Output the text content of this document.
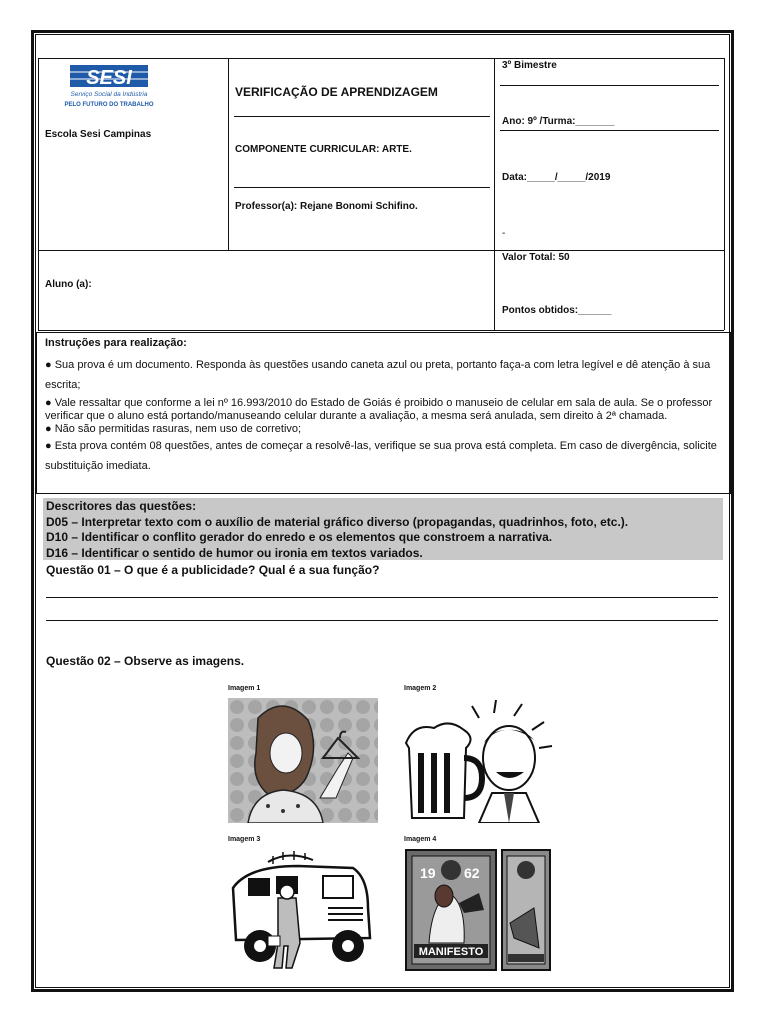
SESI
Serviço Social da Indústria
PELO FUTURO DO TRABALHO
Escola Sesi Campinas
VERIFICAÇÃO DE APRENDIZAGEM
COMPONENTE CURRICULAR: ARTE.
Professor(a): Rejane Bonomi Schifino.
3º Bimestre
Ano: 9º /Turma:_______
Data:_____/_____/2019
-
Valor Total: 50
Pontos obtidos:______
Aluno (a):

Instruções para realização:

● Sua prova é um documento. Responda às questões usando caneta azul ou preta, portanto faça-a com letra legível e dê atenção à sua escrita;

● Vale ressaltar que conforme a lei nº 16.993/2010 do Estado de Goiás é proibido o manuseio de celular em sala de aula. Se o professor verificar que o aluno está portando/manuseando celular durante a avaliação, a mesma será anulada, sem direito à 2ª chamada.

● Não são permitidas rasuras, nem uso de corretivo;

● Esta prova contém 08 questões, antes de começar a resolvê-las, verifique se sua prova está completa. Em caso de divergência, solicite substituição imediata.

Descritores das questões:
D05 – Interpretar texto com o auxílio de material gráfico diverso (propagandas, quadrinhos, foto, etc.).
D10 – Identificar o conflito gerador do enredo e os elementos que constroem a narrativa.
D16 – Identificar o sentido de humor ou ironia em textos variados.
Questão 01 – O que é a publicidade? Qual é a sua função?
Questão 02 – Observe as imagens.
Imagem 1	Imagem 2
Imagem 3	Imagem 4
19 62
MANIFESTO
